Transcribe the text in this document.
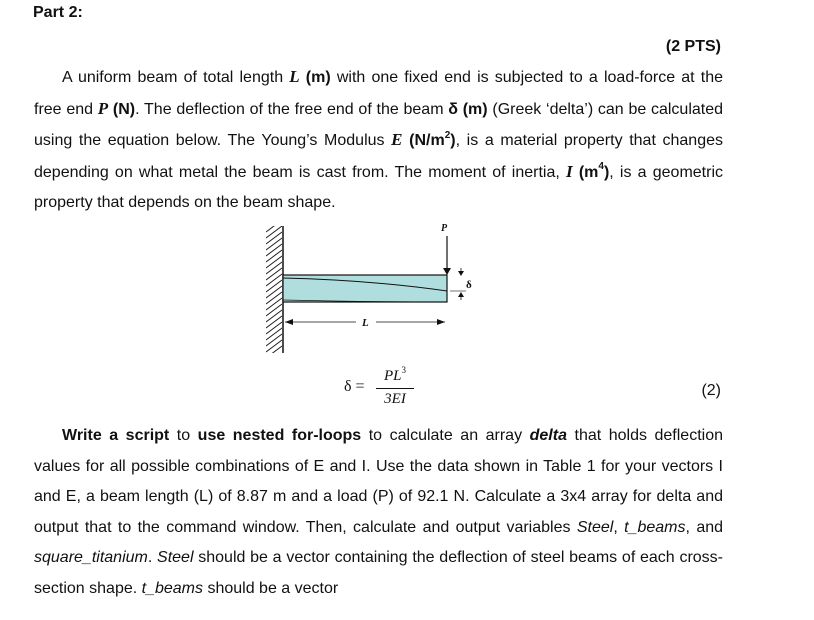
Part 2:
(2 PTS)

A uniform beam of total length L (m) with one fixed end is subjected to a load-force at the free end P (N). The deflection of the free end of the beam δ (m) (Greek ‘delta’) can be calculated using the equation below. The Young’s Modulus E $(N/m^2)$, is a material property that changes depending on what metal the beam is cast from. The moment of inertia, I $(m^4)$, is a geometric property that depends on the beam shape.

P
δ
L
δ =
$PL^3$
3EI	(2)

Write a script to use nested for-loops to calculate an array delta that holds deflection values for all possible combinations of E and I. Use the data shown in Table 1 for your vectors I and E, a beam length (L) of 8.87 m and a load (P) of 92.1 N. Calculate a 3x4 array for delta and output that to the command window. Then, calculate and output variables Steel, t_beams, and square_titanium. Steel should be a vector containing the deflection of steel beams of each cross-section shape. t_beams should be a vector
